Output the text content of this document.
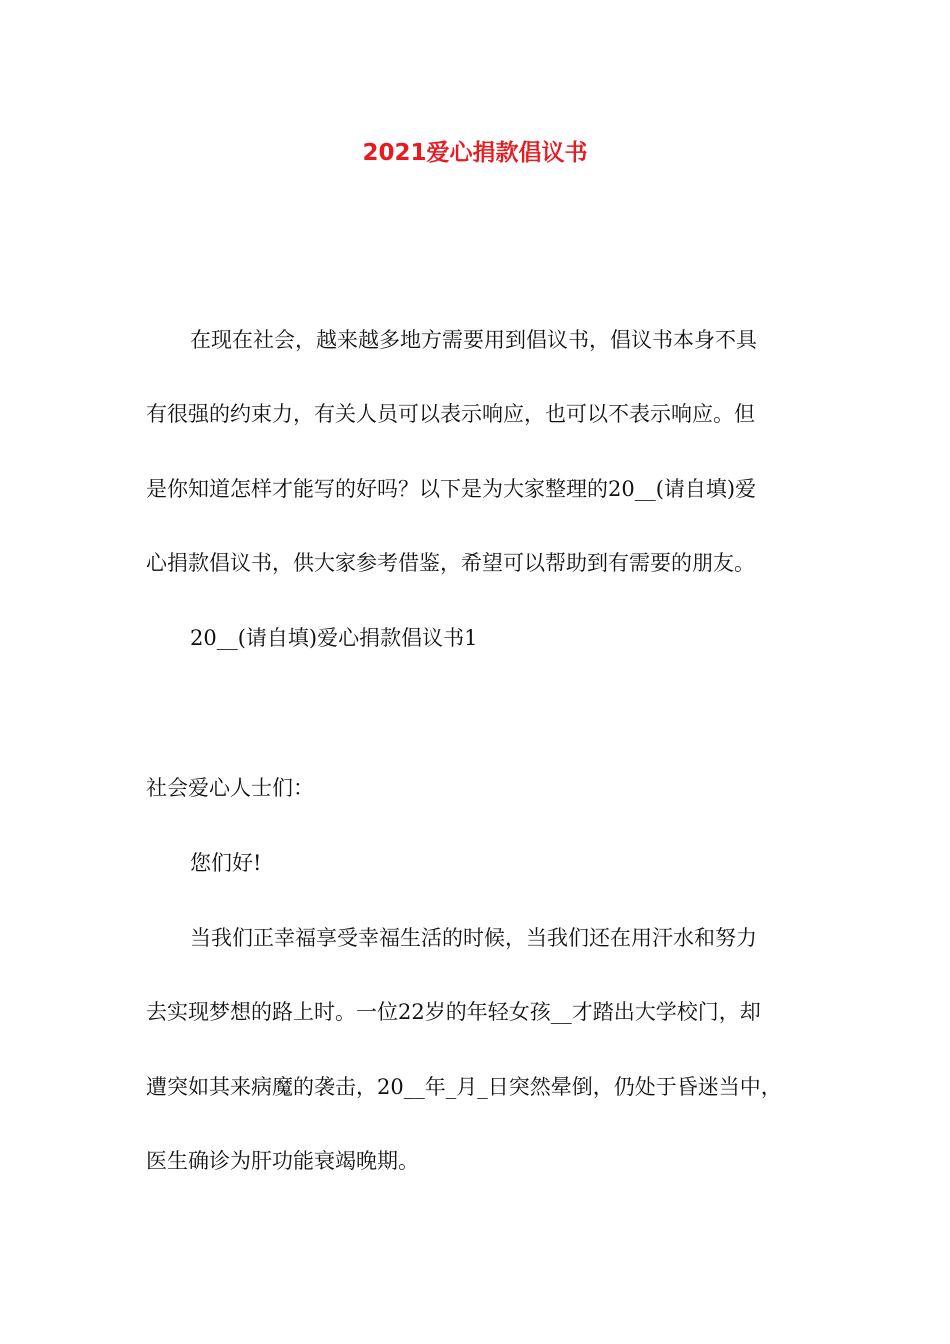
2021爱心捐款倡议书
在现在社会，越来越多地方需要用到倡议书，倡议书本身不具
有很强的约束力，有关人员可以表示响应，也可以不表示响应。但
是你知道怎样才能写的好吗？以下是为大家整理的20__(请自填)爱
心捐款倡议书，供大家参考借鉴，希望可以帮助到有需要的朋友。
20__(请自填)爱心捐款倡议书1
社会爱心人士们：
您们好!
当我们正幸福享受幸福生活的时候，当我们还在用汗水和努力
去实现梦想的路上时。一位22岁的年轻女孩__才踏出大学校门，却
遭突如其来病魔的袭击，20__年_月_日突然晕倒，仍处于昏迷当中，
医生确诊为肝功能衰竭晚期。
